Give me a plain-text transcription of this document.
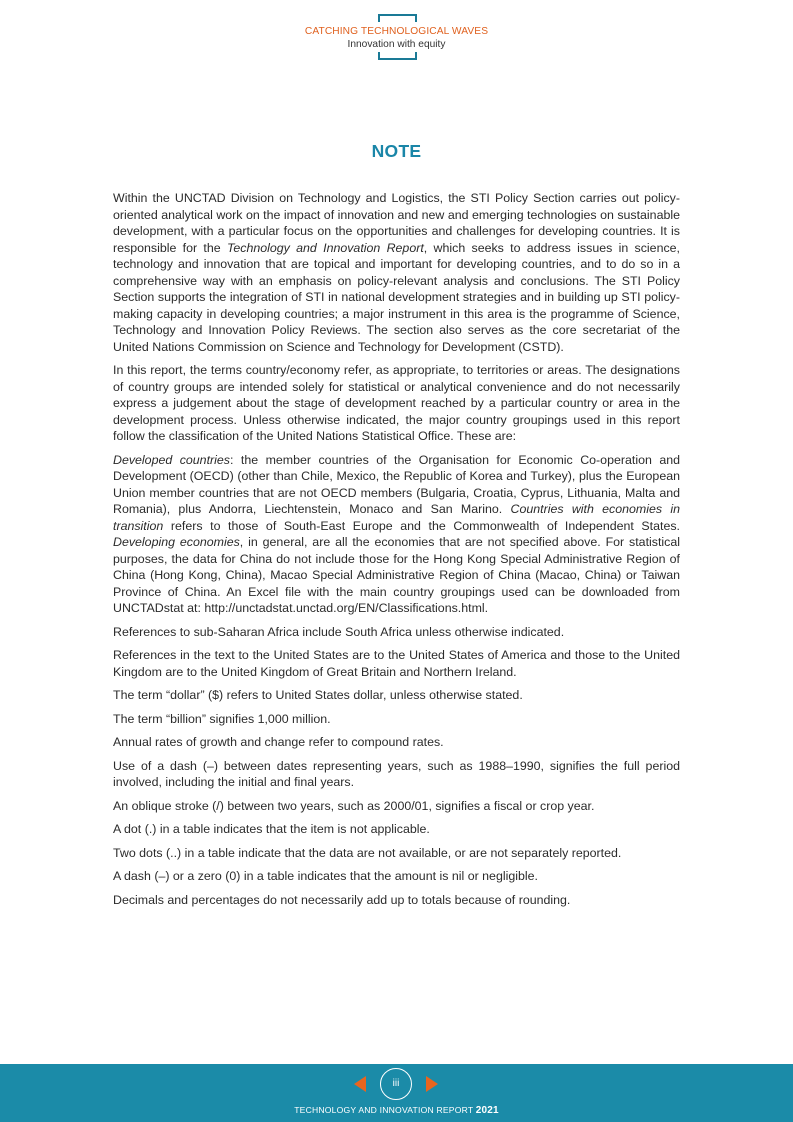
CATCHING TECHNOLOGICAL WAVES
Innovation with equity
NOTE

Within the UNCTAD Division on Technology and Logistics, the STI Policy Section carries out policy-oriented analytical work on the impact of innovation and new and emerging technologies on sustainable development, with a particular focus on the opportunities and challenges for developing countries. It is responsible for the Technology and Innovation Report, which seeks to address issues in science, technology and innovation that are topical and important for developing countries, and to do so in a comprehensive way with an emphasis on policy-relevant analysis and conclusions. The STI Policy Section supports the integration of STI in national development strategies and in building up STI policy-making capacity in developing countries; a major instrument in this area is the programme of Science, Technology and Innovation Policy Reviews. The section also serves as the core secretariat of the United Nations Commission on Science and Technology for Development (CSTD).

In this report, the terms country/economy refer, as appropriate, to territories or areas. The designations of country groups are intended solely for statistical or analytical convenience and do not necessarily express a judgement about the stage of development reached by a particular country or area in the development process. Unless otherwise indicated, the major country groupings used in this report follow the classification of the United Nations Statistical Office. These are:

Developed countries: the member countries of the Organisation for Economic Co-operation and Development (OECD) (other than Chile, Mexico, the Republic of Korea and Turkey), plus the European Union member countries that are not OECD members (Bulgaria, Croatia, Cyprus, Lithuania, Malta and Romania), plus Andorra, Liechtenstein, Monaco and San Marino. Countries with economies in transition refers to those of South-East Europe and the Commonwealth of Independent States. Developing economies, in general, are all the economies that are not specified above. For statistical purposes, the data for China do not include those for the Hong Kong Special Administrative Region of China (Hong Kong, China), Macao Special Administrative Region of China (Macao, China) or Taiwan Province of China. An Excel file with the main country groupings used can be downloaded from UNCTADstat at: http://unctadstat.unctad.org/EN/Classifications.html.

References to sub-Saharan Africa include South Africa unless otherwise indicated.

References in the text to the United States are to the United States of America and those to the United Kingdom are to the United Kingdom of Great Britain and Northern Ireland.

The term “dollar” ($) refers to United States dollar, unless otherwise stated.

The term “billion” signifies 1,000 million.

Annual rates of growth and change refer to compound rates.

Use of a dash (–) between dates representing years, such as 1988–1990, signifies the full period involved, including the initial and final years.

An oblique stroke (/) between two years, such as 2000/01, signifies a fiscal or crop year.

A dot (.) in a table indicates that the item is not applicable.

Two dots (..) in a table indicate that the data are not available, or are not separately reported.

A dash (–) or a zero (0) in a table indicates that the amount is nil or negligible.

Decimals and percentages do not necessarily add up to totals because of rounding.

iii
TECHNOLOGY AND INNOVATION REPORT 2021
